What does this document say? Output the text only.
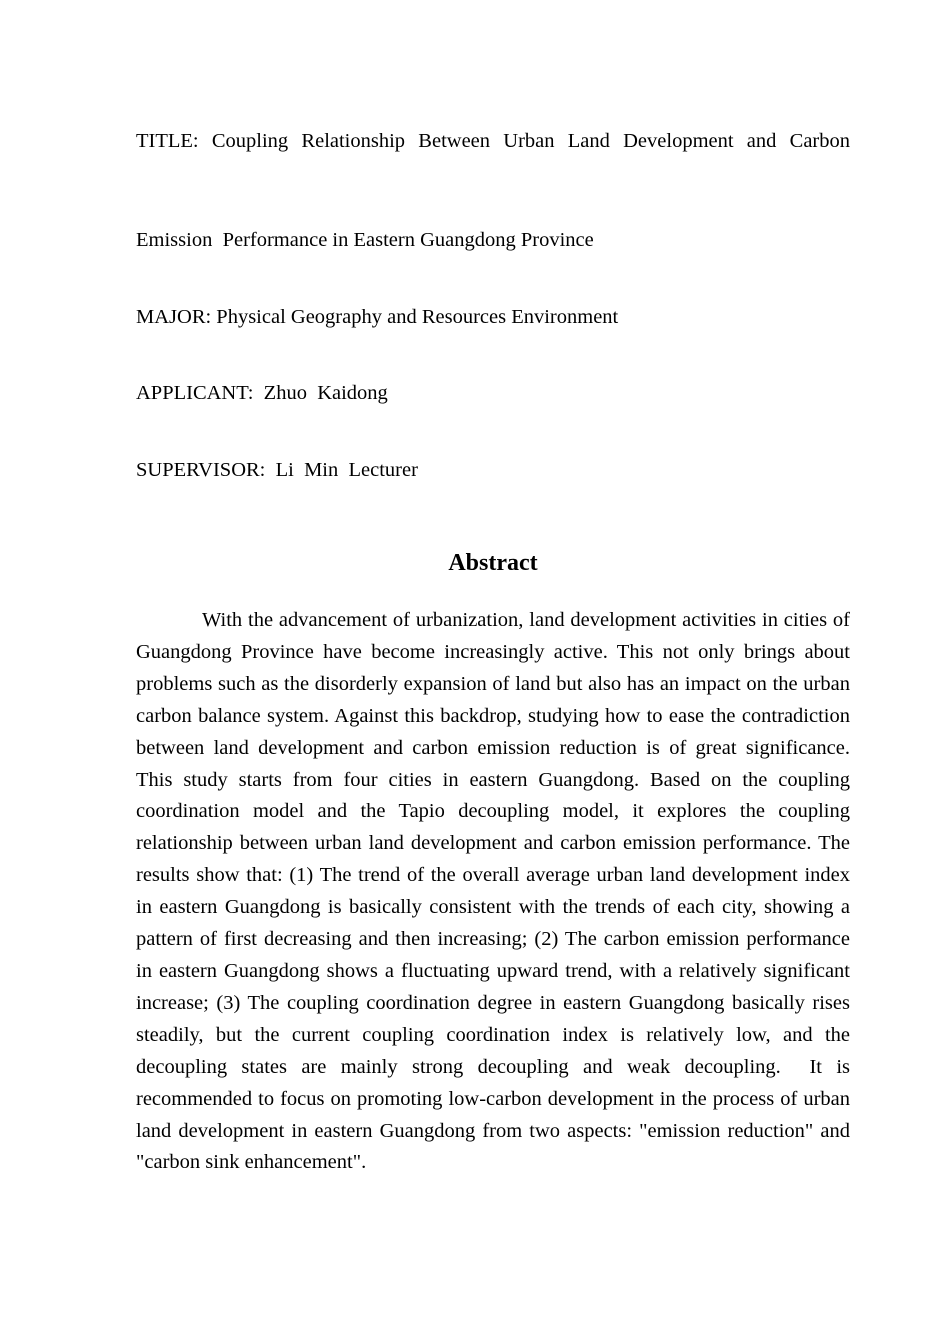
TITLE: Coupling Relationship Between Urban Land Development and Carbon
Emission  Performance in Eastern Guangdong Province
MAJOR: Physical Geography and Resources Environment
APPLICANT:  Zhuo  Kaidong
SUPERVISOR:  Li  Min  Lecturer
Abstract

With the advancement of urbanization, land development activities in cities of Guangdong Province have become increasingly active. This not only brings about problems such as the disorderly expansion of land but also has an impact on the urban carbon balance system. Against this backdrop, studying how to ease the contradiction between land development and carbon emission reduction is of great significance.  This study starts from four cities in eastern Guangdong. Based on the coupling coordination model and the Tapio decoupling model, it explores the coupling relationship between urban land development and carbon emission performance. The results show that: (1) The trend of the overall average urban land development index in eastern Guangdong is basically consistent with the trends of each city, showing a pattern of first decreasing and then increasing; (2) The carbon emission performance in eastern Guangdong shows a fluctuating upward trend, with a relatively significant increase; (3) The coupling coordination degree in eastern Guangdong basically rises steadily, but the current coupling coordination index is relatively low, and the decoupling states are mainly strong decoupling and weak decoupling.  It is recommended to focus on promoting low-carbon development in the process of urban land development in eastern Guangdong from two aspects: "emission reduction" and "carbon sink enhancement".
